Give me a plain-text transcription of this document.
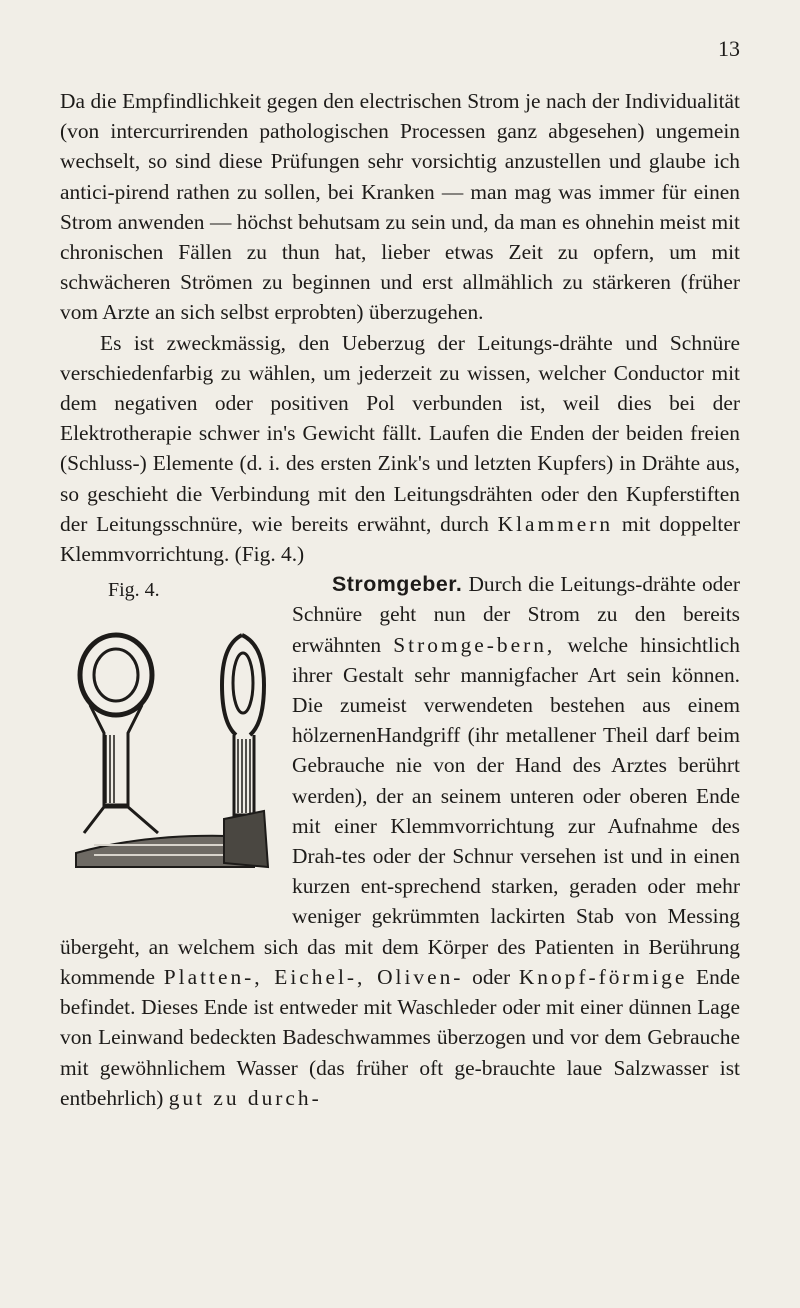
13

Da die Empfindlichkeit gegen den electrischen Strom je nach der Individualität (von intercurrirenden pathologischen Processen ganz abgesehen) ungemein wechselt, so sind diese Prüfungen sehr vorsichtig anzustellen und glaube ich antici-pirend rathen zu sollen, bei Kranken — man mag was immer für einen Strom anwenden — höchst behutsam zu sein und, da man es ohnehin meist mit chronischen Fällen zu thun hat, lieber etwas Zeit zu opfern, um mit schwächeren Strömen zu beginnen und erst allmählich zu stärkeren (früher vom Arzte an sich selbst erprobten) überzugehen.

Es ist zweckmässig, den Ueberzug der Leitungs-drähte und Schnüre verschiedenfarbig zu wählen, um jederzeit zu wissen, welcher Conductor mit dem negativen oder positiven Pol verbunden ist, weil dies bei der Elektrotherapie schwer in's Gewicht fällt. Laufen die Enden der beiden freien (Schluss-) Elemente (d. i. des ersten Zink's und letzten Kupfers) in Drähte aus, so geschieht die Verbindung mit den Leitungsdrähten oder den Kupferstiften der Leitungsschnüre, wie bereits erwähnt, durch Klammern mit doppelter Klemmvorrichtung. (Fig. 4.)

Fig. 4.	Stromgeber. Durch die Leitungs-drähte oder Schnüre geht nun der Strom zu den bereits erwähnten Stromge-bern, welche hinsichtlich ihrer Gestalt sehr mannigfacher Art sein können. Die zumeist verwendeten bestehen aus einem hölzernenHandgriff (ihr metallener Theil darf beim Gebrauche nie von der Hand des Arztes berührt werden), der an seinem unteren oder oberen Ende mit einer Klemmvorrichtung zur Aufnahme des Drah-tes oder der Schnur versehen ist und in einen kurzen ent-sprechend starken, geraden oder mehr weniger gekrümmten lackirten Stab von Messing übergeht, an welchem sich das mit dem Körper des Patienten in Berührung kommende Platten-, Eichel-, Oliven- oder Knopf-förmige Ende befindet. Dieses Ende ist entweder mit Waschleder oder mit einer dünnen Lage von Leinwand bedeckten Badeschwammes überzogen und vor dem Gebrauche mit gewöhnlichem Wasser (das früher oft ge-brauchte laue Salzwasser ist entbehrlich) gut zu durch-
